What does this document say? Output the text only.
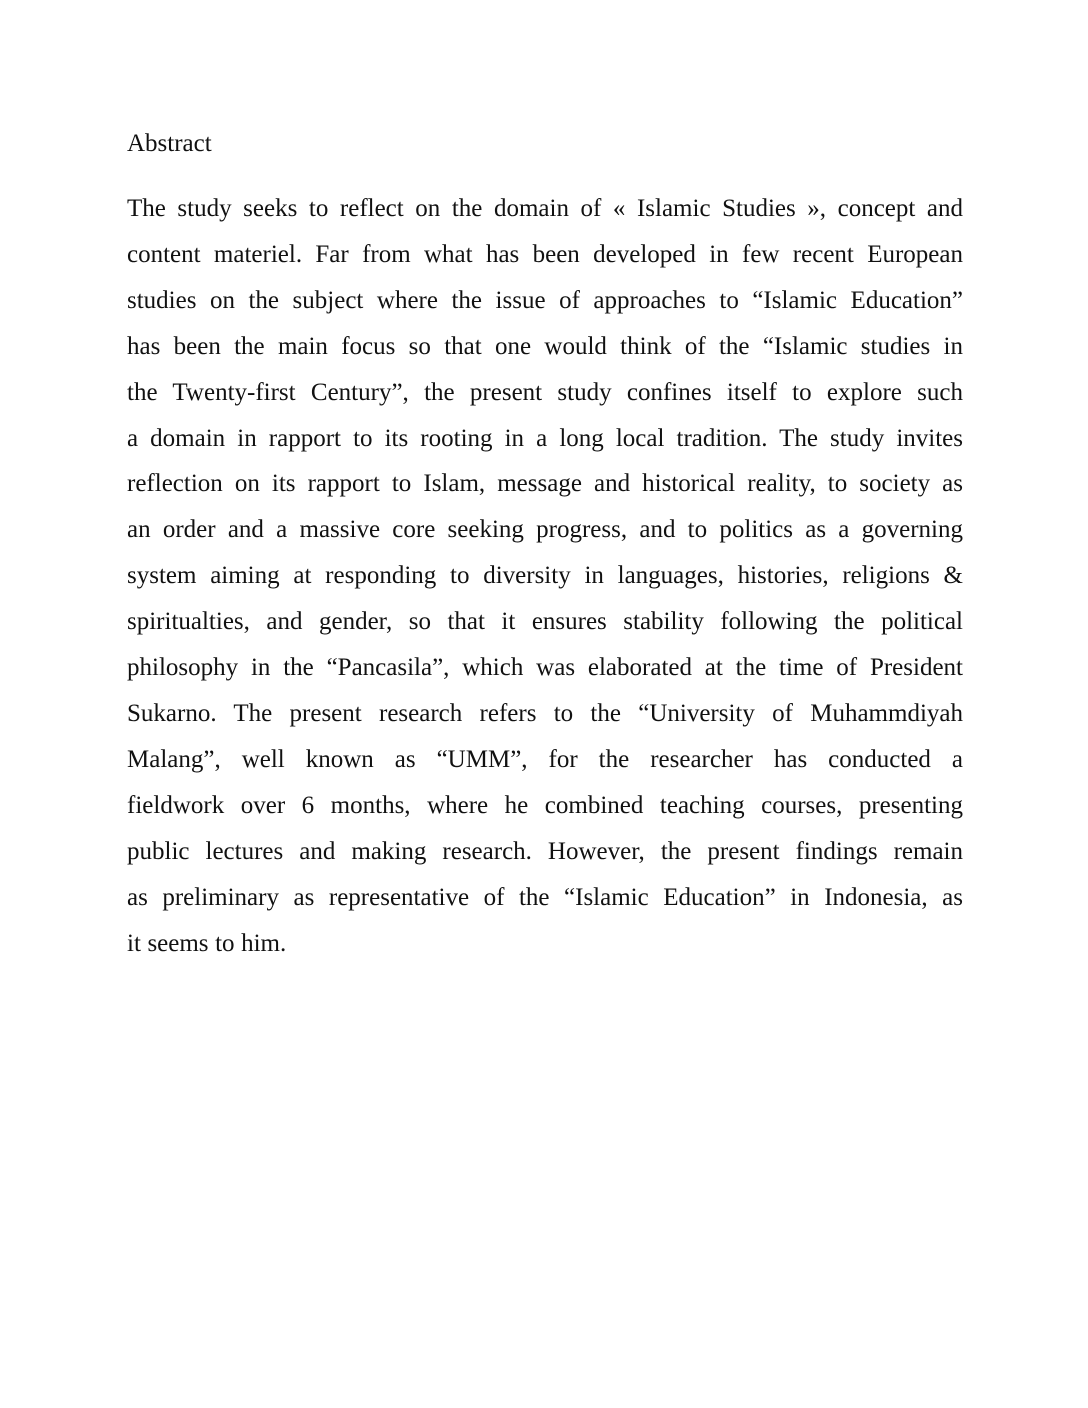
Abstract
The study seeks to reflect on the domain of « Islamic Studies », concept and
content materiel. Far from what has been developed in few recent European
studies on the subject where the issue of approaches to “Islamic Education”
has been the main focus so that one would think of the “Islamic studies in
the Twenty-first Century”, the present study confines itself to explore such
a domain in rapport to its rooting in a long local tradition. The study invites
reflection on its rapport to Islam, message and historical reality, to society as
an order and a massive core seeking progress, and to politics as a governing
system aiming at responding to diversity in languages, histories, religions &
spiritualties, and gender, so that it ensures stability following the political
philosophy in the “Pancasila”, which was elaborated at the time of President
Sukarno. The present research refers to the “University of Muhammdiyah
Malang”, well known as “UMM”, for the researcher has conducted a
fieldwork over 6 months, where he combined teaching courses, presenting
public lectures and making research. However, the present findings remain
as preliminary as representative of the “Islamic Education” in Indonesia, as
it seems to him.
